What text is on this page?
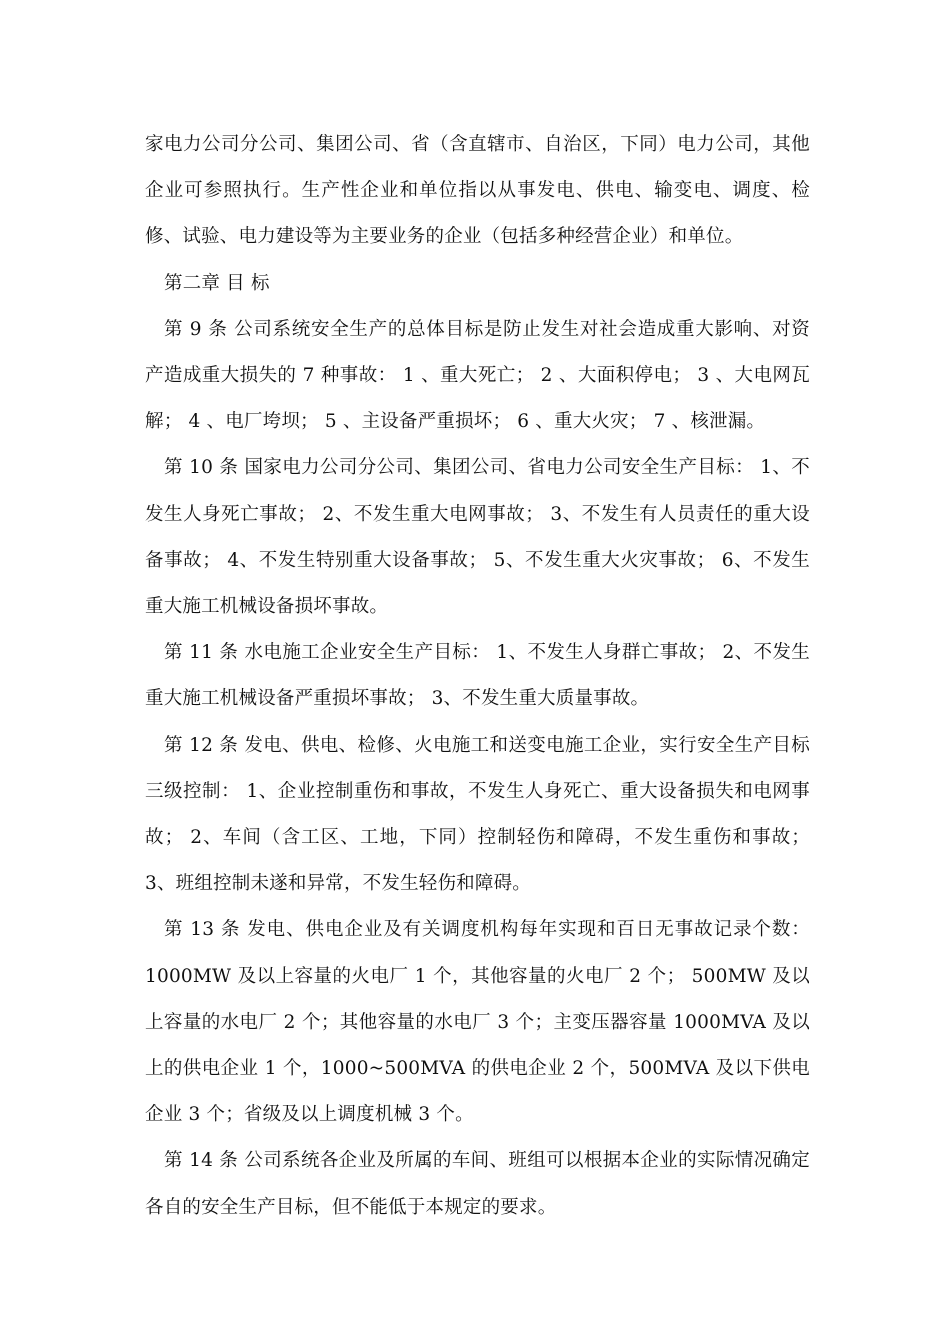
家电力公司分公司、集团公司、省（含直辖市、自治区，下同）电力公司，其他企业可参照执行。生产性企业和单位指以从事发电、供电、输变电、调度、检修、试验、电力建设等为主要业务的企业（包括多种经营企业）和单位。

第二章 目 标

第 9 条 公司系统安全生产的总体目标是防止发生对社会造成重大影响、对资产造成重大损失的 7 种事故： 1 、重大死亡； 2 、大面积停电； 3 、大电网瓦解； 4 、电厂垮坝； 5 、主设备严重损坏； 6 、重大火灾； 7 、核泄漏。

第 10 条 国家电力公司分公司、集团公司、省电力公司安全生产目标： 1、不发生人身死亡事故； 2、不发生重大电网事故； 3、不发生有人员责任的重大设备事故； 4、不发生特别重大设备事故； 5、不发生重大火灾事故； 6、不发生重大施工机械设备损坏事故。

第 11 条 水电施工企业安全生产目标： 1、不发生人身群亡事故； 2、不发生重大施工机械设备严重损坏事故； 3、不发生重大质量事故。

第 12 条 发电、供电、检修、火电施工和送变电施工企业，实行安全生产目标三级控制： 1、企业控制重伤和事故，不发生人身死亡、重大设备损失和电网事故； 2、车间（含工区、工地，下同）控制轻伤和障碍，不发生重伤和事故； 3、班组控制未遂和异常，不发生轻伤和障碍。

第 13 条 发电、供电企业及有关调度机构每年实现和百日无事故记录个数：1000MW 及以上容量的火电厂 1 个，其他容量的火电厂 2 个； 500MW 及以上容量的水电厂 2 个；其他容量的水电厂 3 个；主变压器容量 1000MVA 及以上的供电企业 1 个，1000~500MVA 的供电企业 2 个，500MVA 及以下供电企业 3 个；省级及以上调度机械 3 个。

第 14 条 公司系统各企业及所属的车间、班组可以根据本企业的实际情况确定各自的安全生产目标，但不能低于本规定的要求。
